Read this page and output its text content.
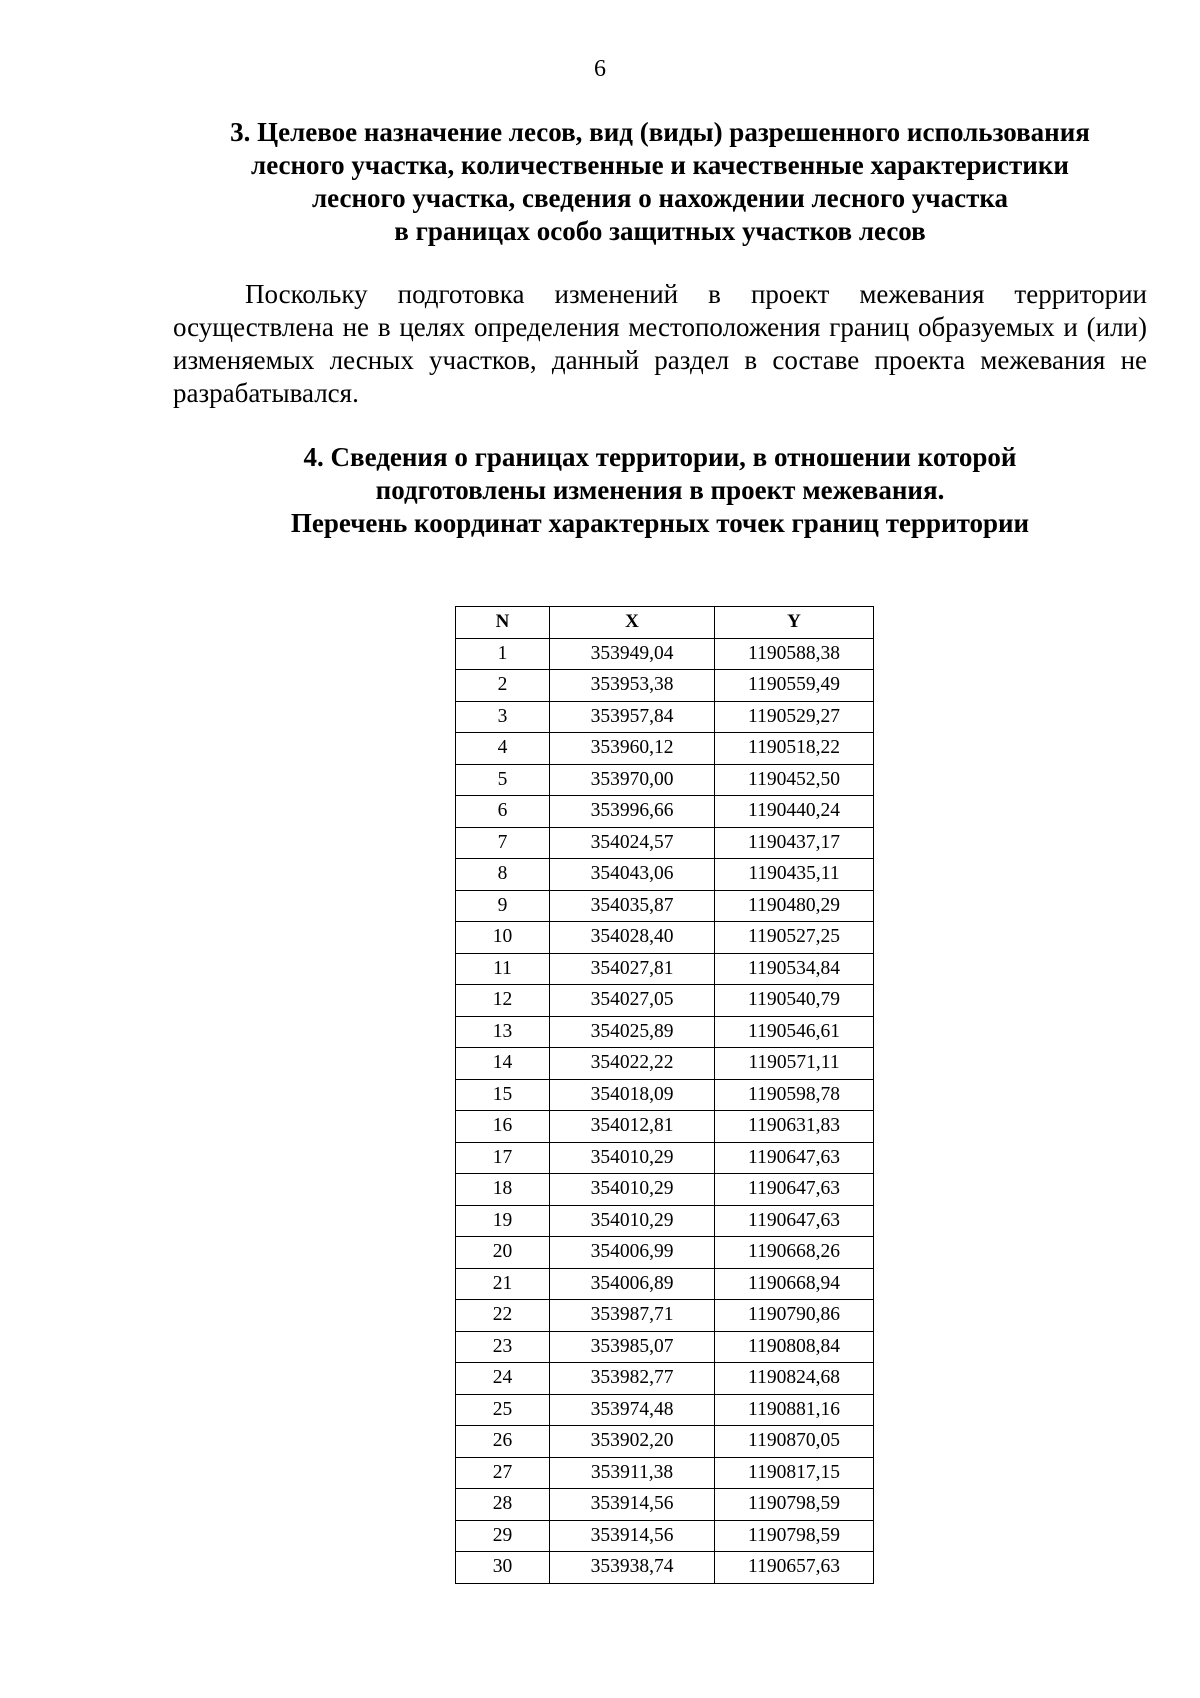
6
3. Целевое назначение лесов, вид (виды) разрешенного использования
лесного участка, количественные и качественные характеристики
лесного участка, сведения о нахождении лесного участка
в границах особо защитных участков лесов
Поскольку подготовка изменений в проект межевания территории осуществлена не в целях определения местоположения границ образуемых и (или) изменяемых лесных участков, данный раздел в составе проекта межевания не разрабатывался.
4. Сведения о границах территории, в отношении которой
подготовлены изменения в проект межевания.
Перечень координат характерных точек границ территории
N	X	Y
1	353949,04	1190588,38
2	353953,38	1190559,49
3	353957,84	1190529,27
4	353960,12	1190518,22
5	353970,00	1190452,50
6	353996,66	1190440,24
7	354024,57	1190437,17
8	354043,06	1190435,11
9	354035,87	1190480,29
10	354028,40	1190527,25
11	354027,81	1190534,84
12	354027,05	1190540,79
13	354025,89	1190546,61
14	354022,22	1190571,11
15	354018,09	1190598,78
16	354012,81	1190631,83
17	354010,29	1190647,63
18	354010,29	1190647,63
19	354010,29	1190647,63
20	354006,99	1190668,26
21	354006,89	1190668,94
22	353987,71	1190790,86
23	353985,07	1190808,84
24	353982,77	1190824,68
25	353974,48	1190881,16
26	353902,20	1190870,05
27	353911,38	1190817,15
28	353914,56	1190798,59
29	353914,56	1190798,59
30	353938,74	1190657,63
